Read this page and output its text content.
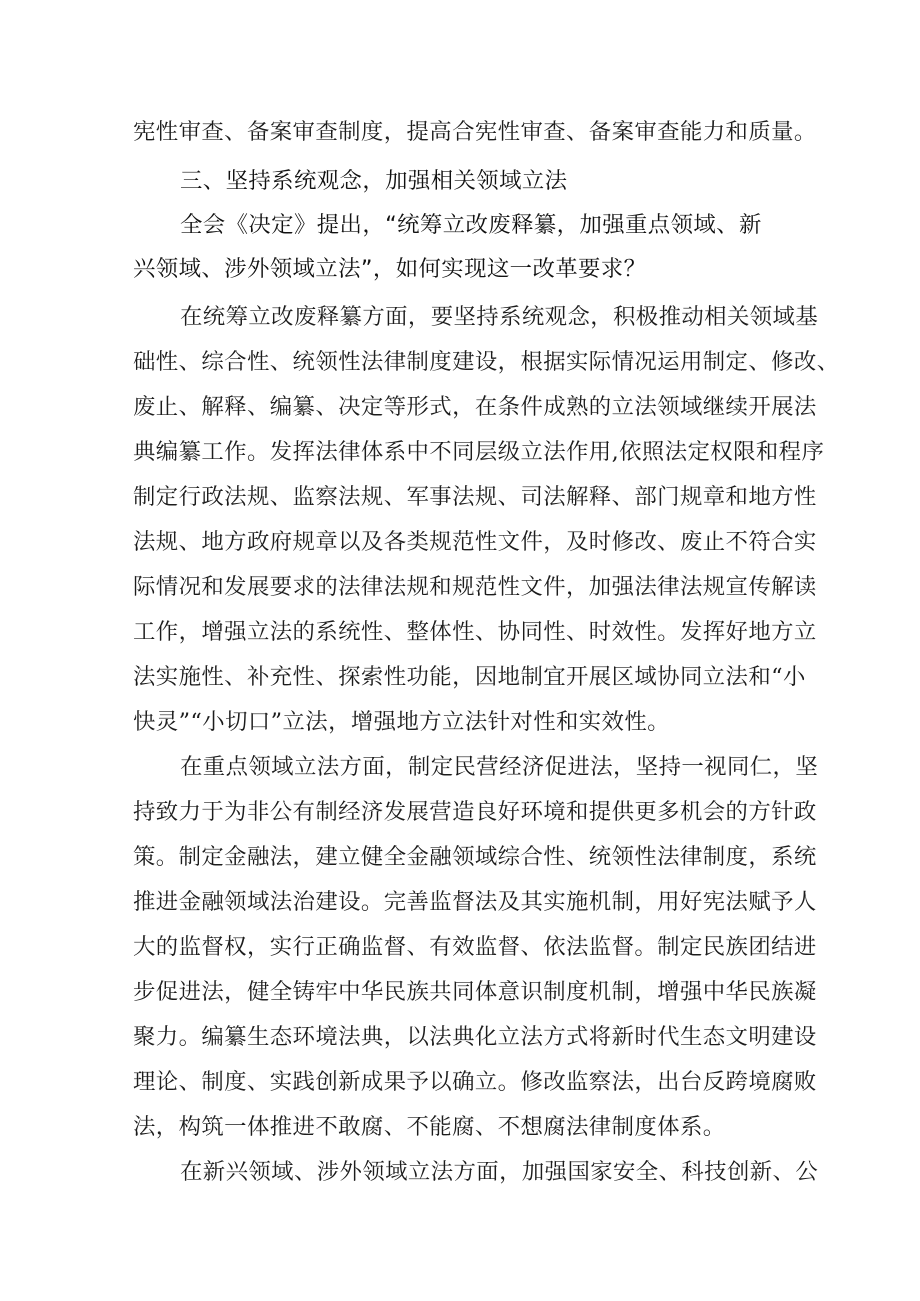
宪性审查、备案审查制度，提高合宪性审查、备案审查能力和质量。
三、坚持系统观念，加强相关领域立法
全会《决定》提出，“统筹立改废释纂，加强重点领域、新
兴领域、涉外领域立法”，如何实现这一改革要求？
在统筹立改废释纂方面，要坚持系统观念，积极推动相关领域基
础性、综合性、统领性法律制度建设，根据实际情况运用制定、修改、
废止、解释、编纂、决定等形式，在条件成熟的立法领域继续开展法
典编纂工作。发挥法律体系中不同层级立法作用,依照法定权限和程序
制定行政法规、监察法规、军事法规、司法解释、部门规章和地方性
法规、地方政府规章以及各类规范性文件，及时修改、废止不符合实
际情况和发展要求的法律法规和规范性文件，加强法律法规宣传解读
工作，增强立法的系统性、整体性、协同性、时效性。发挥好地方立
法实施性、补充性、探索性功能，因地制宜开展区域协同立法和“小
快灵”“小切口”立法，增强地方立法针对性和实效性。
在重点领域立法方面，制定民营经济促进法，坚持一视同仁，坚
持致力于为非公有制经济发展营造良好环境和提供更多机会的方针政
策。制定金融法，建立健全金融领域综合性、统领性法律制度，系统
推进金融领域法治建设。完善监督法及其实施机制，用好宪法赋予人
大的监督权，实行正确监督、有效监督、依法监督。制定民族团结进
步促进法，健全铸牢中华民族共同体意识制度机制，增强中华民族凝
聚力。编纂生态环境法典，以法典化立法方式将新时代生态文明建设
理论、制度、实践创新成果予以确立。修改监察法，出台反跨境腐败
法，构筑一体推进不敢腐、不能腐、不想腐法律制度体系。
在新兴领域、涉外领域立法方面，加强国家安全、科技创新、公
